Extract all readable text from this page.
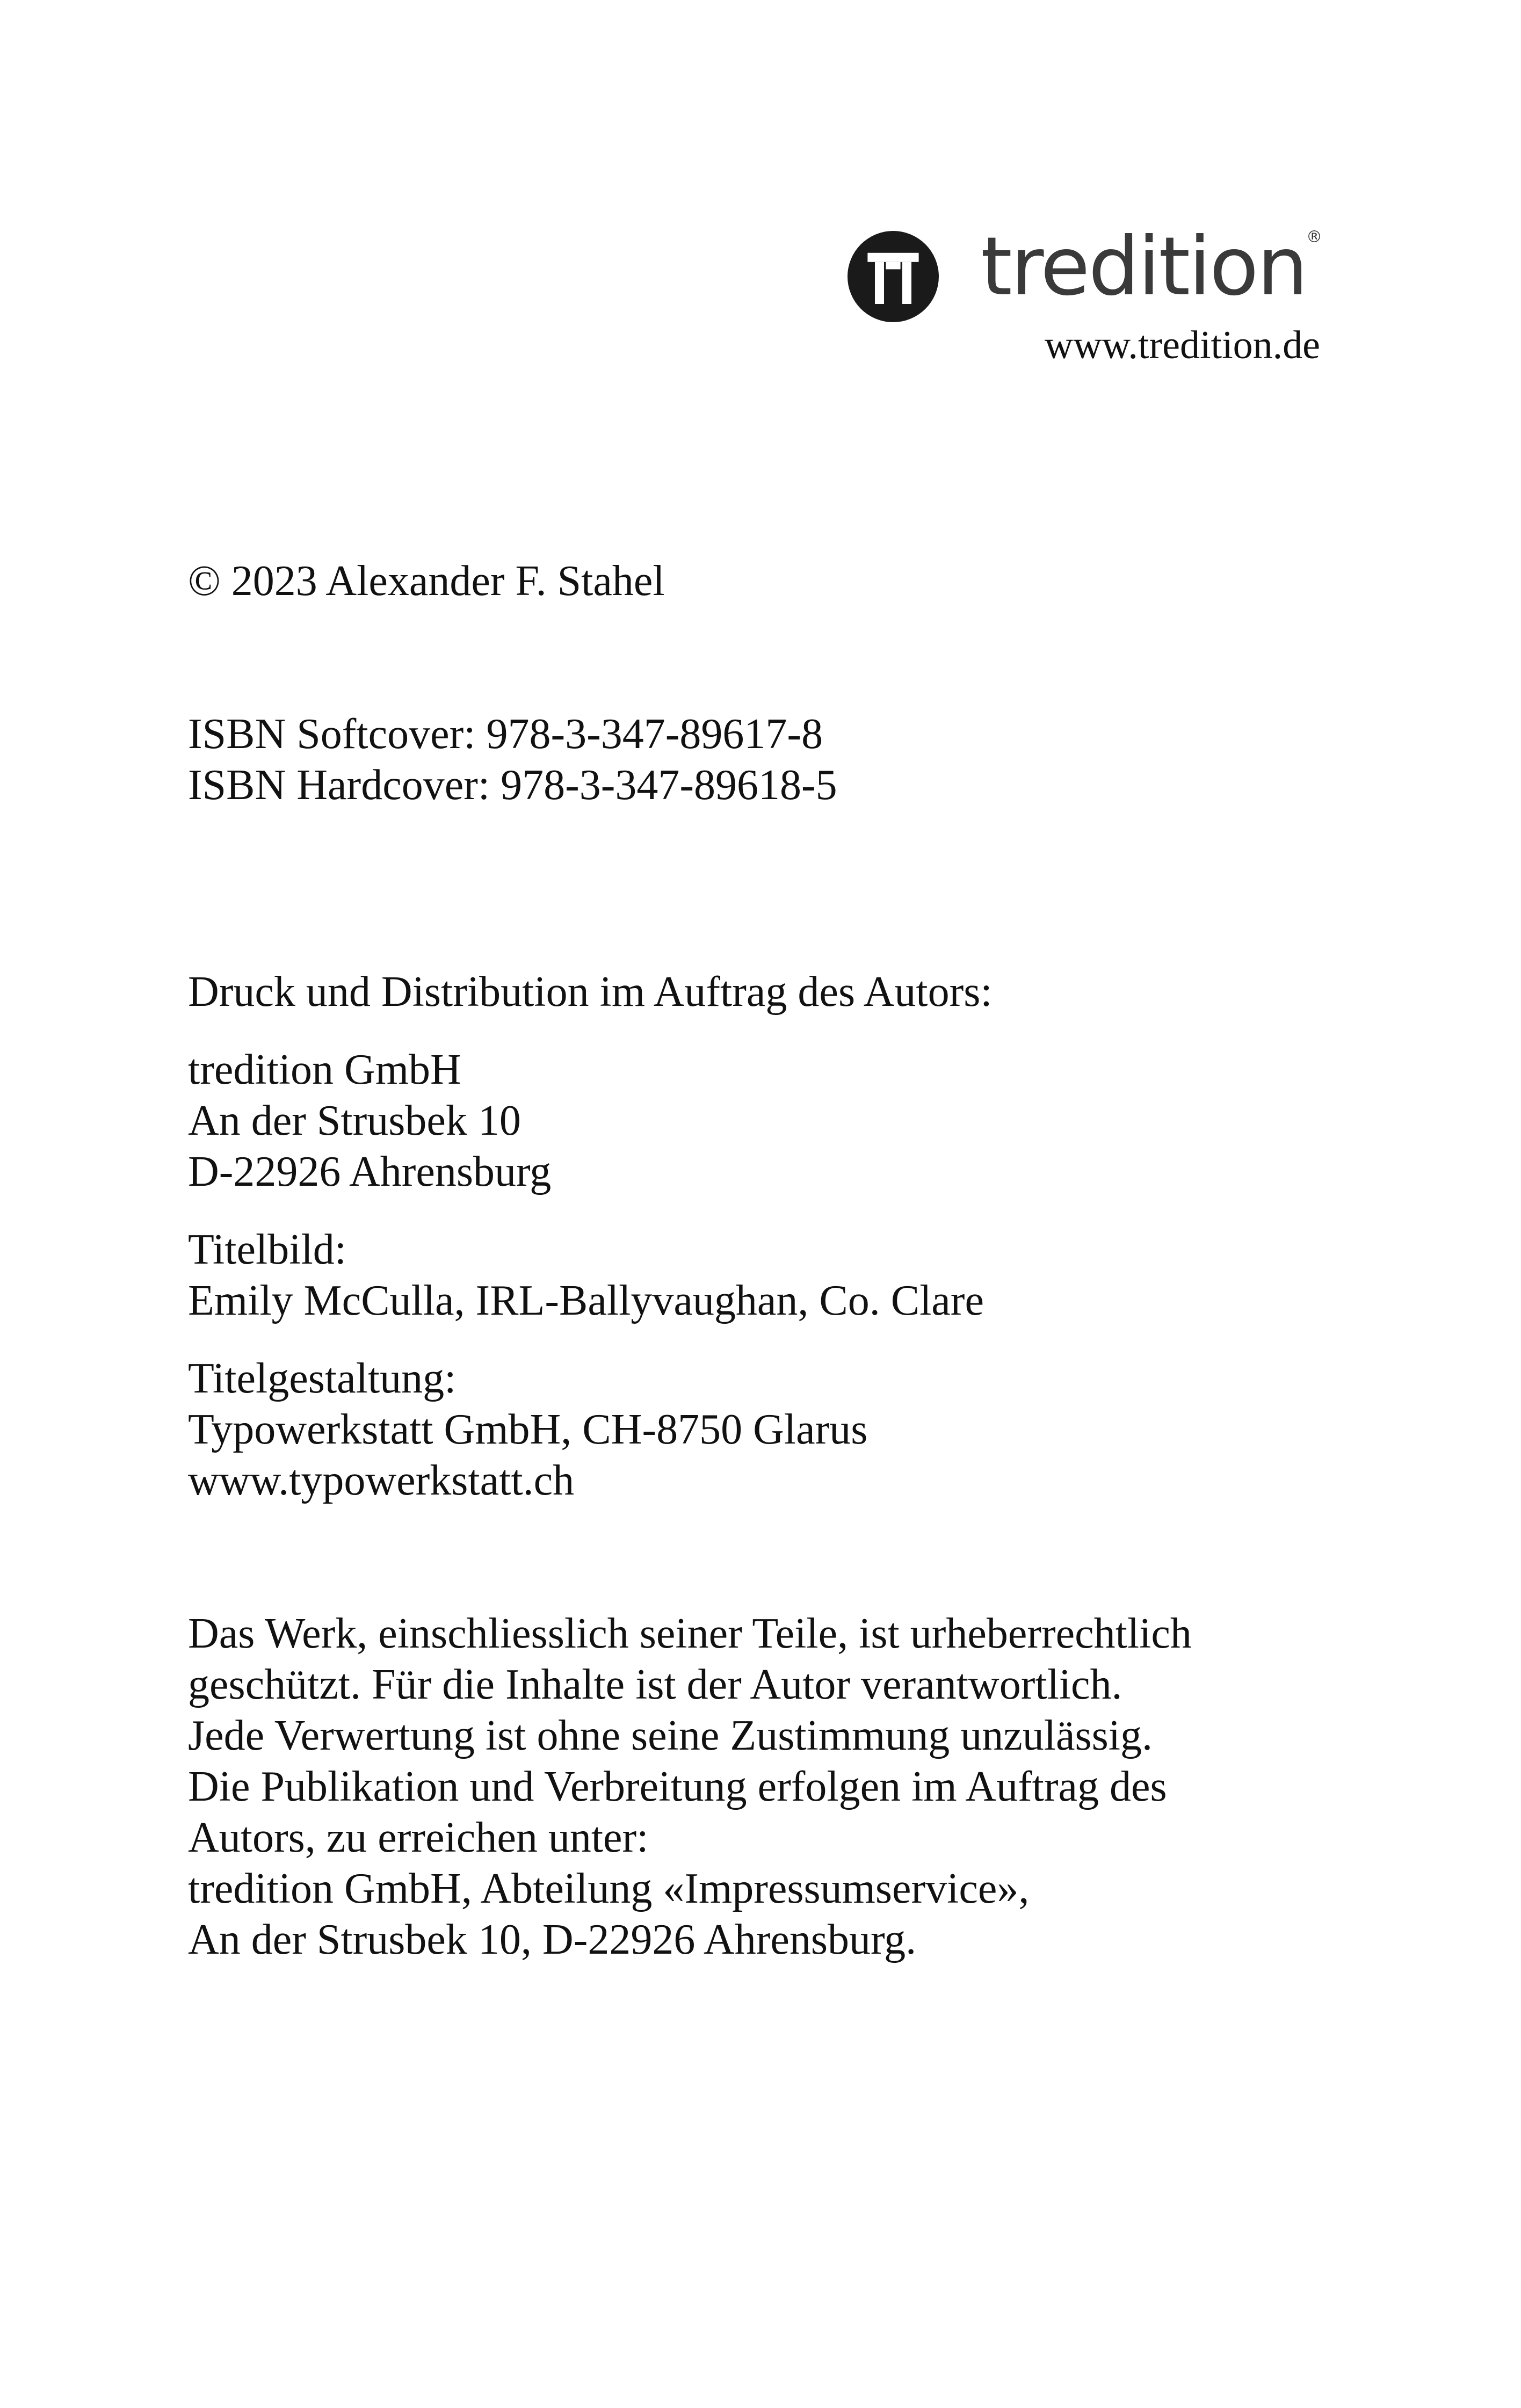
tredition ®
www.tredition.de
© 2023 Alexander F. Stahel
ISBN Softcover: 978-3-347-89617-8
ISBN Hardcover: 978-3-347-89618-5
Druck und Distribution im Auftrag des Autors:
tredition GmbH
An der Strusbek 10
D-22926 Ahrensburg
Titelbild:
Emily McCulla, IRL-Ballyvaughan, Co. Clare
Titelgestaltung:
Typowerkstatt GmbH, CH-8750 Glarus
www.typowerkstatt.ch
Das Werk, einschliesslich seiner Teile, ist urheberrechtlich
geschützt. Für die Inhalte ist der Autor verantwortlich.
Jede Verwertung ist ohne seine Zustimmung unzulässig.
Die Publikation und Verbreitung erfolgen im Auftrag des
Autors, zu erreichen unter:
tredition GmbH, Abteilung «Impressumservice»,
An der Strusbek 10, D-22926 Ahrensburg.
